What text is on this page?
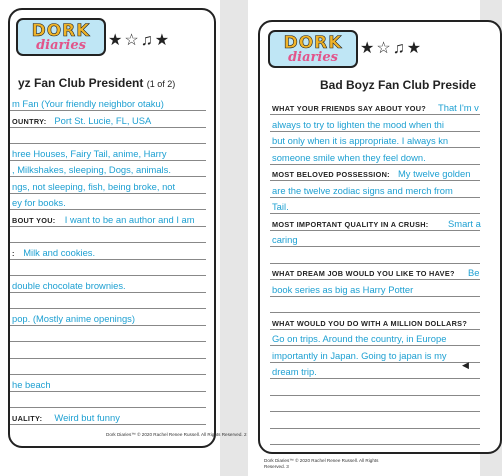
DORK
diaries	★☆♫★
yz Fan Club President (1 of 2)
m Fan (Your friendly neighbor otaku)
OUNTRY: Port St. Lucie, FL, USA
hree Houses, Fairy Tail, anime, Harry
, Milkshakes, sleeping, Dogs, animals.
ngs, not sleeping, fish, being broke, not
ey for books.
BOUT YOU: I want to be an author and I am
: Milk and cookies.
double chocolate brownies.
pop. (Mostly anime openings)
he beach
UALITY: Weird but funny
Dork Diaries™ © 2020 Rachel Renee Russell. All Rights Reserved. 2
DORK
diaries
★☆♫★
Bad Boyz Fan Club Preside
WHAT YOUR FRIENDS SAY ABOUT YOU? That I'm v
always to try to lighten the mood when thi
but only when it is appropriate. I always kn
someone smile when they feel down.
MOST BELOVED POSSESSION: My twelve golden
are the twelve zodiac signs and merch from
Tail.
MOST IMPORTANT QUALITY IN A CRUSH: Smart a
caring
WHAT DREAM JOB WOULD YOU LIKE TO HAVE? Be
book series as big as Harry Potter
WHAT WOULD YOU DO WITH A MILLION DOLLARS?
Go on trips. Around the country, in Europe
importantly in Japan. Going to japan is my
dream trip.
◀
Dork Diaries™ © 2020 Rachel Renee Russell. All Rights
Reserved. 3
